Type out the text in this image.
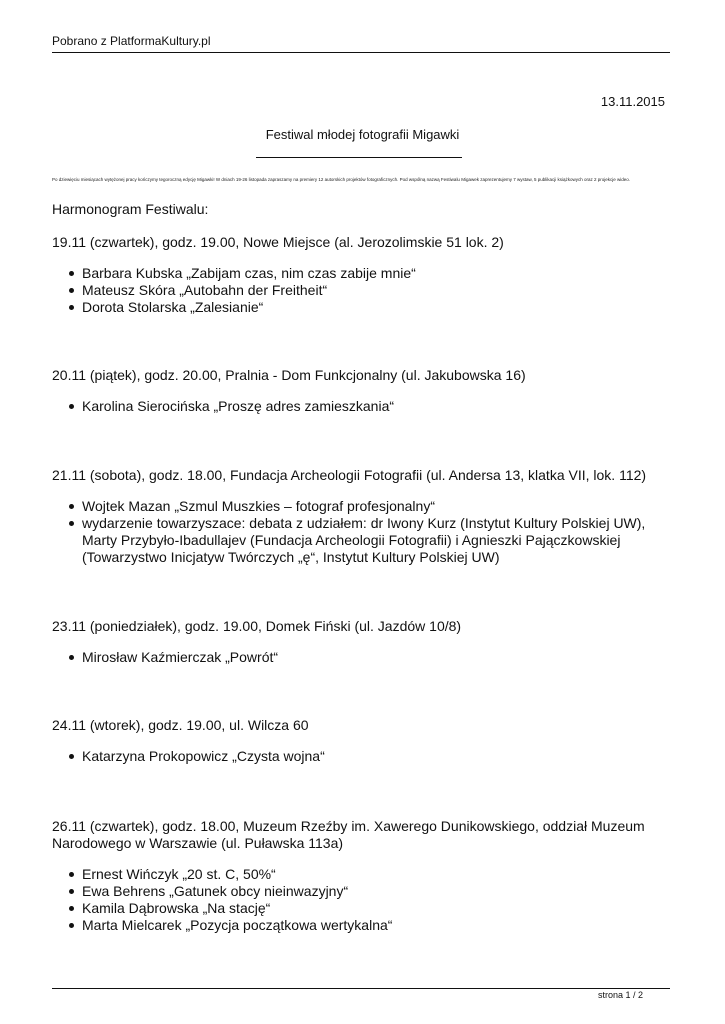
Pobrano z PlatformaKultury.pl
13.11.2015
Festiwal młodej fotografii Migawki
Po dziewięciu miesiącach wytężonej pracy kończymy tegoroczną edycję Migawki! W dniach 19-26 listopada zapraszamy na premiery 12 autorskich projektów fotograficznych. Pod wspólną nazwą Festiwalu Migawek zaprezentujemy 7 wystaw, 5 publikacji książkowych oraz 2 projekcje wideo.
Harmonogram Festiwalu:

19.11 (czwartek), godz. 19.00, Nowe Miejsce (al. Jerozolimskie 51 lok. 2)

Barbara Kubska „Zabijam czas, nim czas zabije mnie“
Mateusz Skóra „Autobahn der Freitheit“
Dorota Stolarska „Zalesianie“

20.11 (piątek), godz. 20.00, Pralnia - Dom Funkcjonalny (ul. Jakubowska 16)

Karolina Sierocińska „Proszę adres zamieszkania“

21.11 (sobota), godz. 18.00, Fundacja Archeologii Fotografii (ul. Andersa 13, klatka VII, lok. 112)

Wojtek Mazan „Szmul Muszkies – fotograf profesjonalny“
wydarzenie towarzyszace: debata z udziałem: dr Iwony Kurz (Instytut Kultury Polskiej UW), Marty Przybyło-Ibadullajev (Fundacja Archeologii Fotografii) i Agnieszki Pajączkowskiej (Towarzystwo Inicjatyw Twórczych „ę“, Instytut Kultury Polskiej UW)

23.11 (poniedziałek), godz. 19.00, Domek Fiński (ul. Jazdów 10/8)

Mirosław Kaźmierczak „Powrót“

24.11 (wtorek), godz. 19.00, ul. Wilcza 60

Katarzyna Prokopowicz „Czysta wojna“

26.11 (czwartek), godz. 18.00, Muzeum Rzeźby im. Xawerego Dunikowskiego, oddział Muzeum Narodowego w Warszawie (ul. Puławska 113a)

Ernest Wińczyk „20 st. C, 50%“
Ewa Behrens „Gatunek obcy nieinwazyjny“
Kamila Dąbrowska „Na stację“
Marta Mielcarek „Pozycja początkowa wertykalna“
strona 1 / 2
